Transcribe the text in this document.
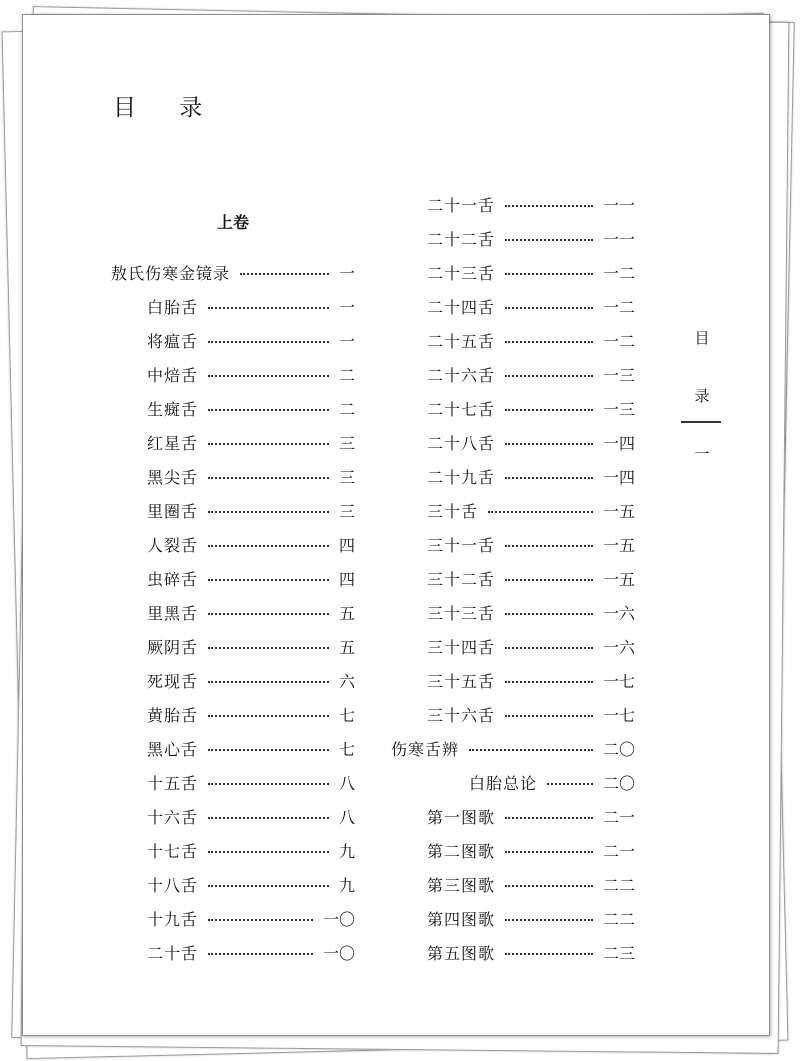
目 录
上卷
敖氏伤寒金镜录	一
白胎舌	一
将瘟舌	一
中焙舌	二
生癍舌	二
红星舌	三
黑尖舌	三
里圈舌	三
人裂舌	四
虫碎舌	四
里黑舌	五
厥阴舌	五
死现舌	六
黄胎舌	七
黑心舌	七
十五舌	八
十六舌	八
十七舌	九
十八舌	九
十九舌	一〇
二十舌	一〇
二十一舌	一一
二十二舌	一一
二十三舌	一二
二十四舌	一二
二十五舌	一二
二十六舌	一三
二十七舌	一三
二十八舌	一四
二十九舌	一四
三十舌	一五
三十一舌	一五
三十二舌	一五
三十三舌	一六
三十四舌	一六
三十五舌	一七
三十六舌	一七
伤寒舌辨	二〇
白胎总论	二〇
第一图歌	二一
第二图歌	二一
第三图歌	二二
第四图歌	二二
第五图歌	二三
目
录
一
